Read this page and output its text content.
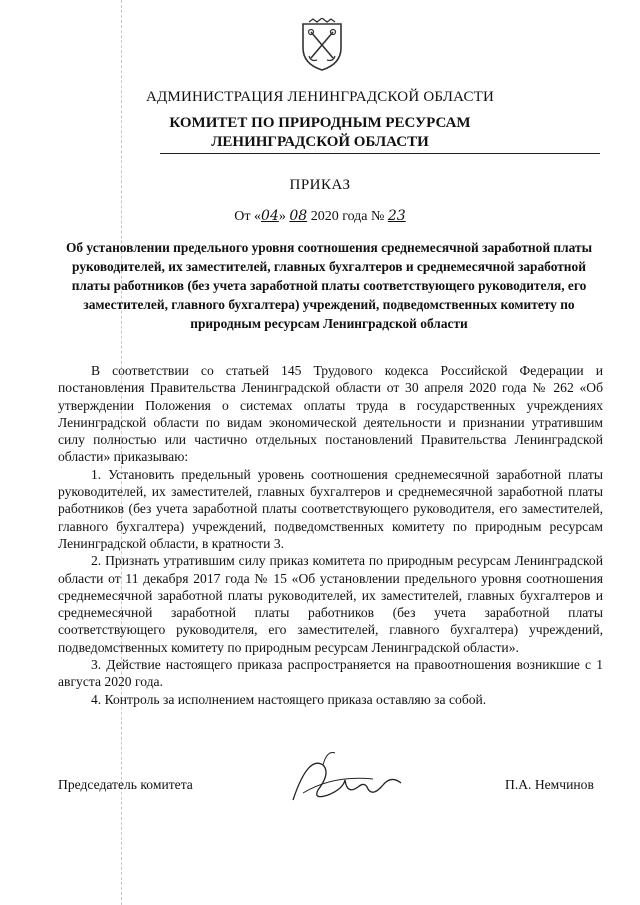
АДМИНИСТРАЦИЯ ЛЕНИНГРАДСКОЙ ОБЛАСТИ
КОМИТЕТ ПО ПРИРОДНЫМ РЕСУРСАМ
ЛЕНИНГРАДСКОЙ ОБЛАСТИ
ПРИКАЗ
От «04» 08 2020 года № 23
Об установлении предельного уровня соотношения среднемесячной заработной платы руководителей, их заместителей, главных бухгалтеров и среднемесячной заработной платы работников (без учета заработной платы соответствующего руководителя, его заместителей, главного бухгалтера) учреждений, подведомственных комитету по природным ресурсам Ленинградской области

В соответствии со статьей 145 Трудового кодекса Российской Федерации и постановления Правительства Ленинградской области от 30 апреля 2020 года № 262 «Об утверждении Положения о системах оплаты труда в государственных учреждениях Ленинградской области по видам экономической деятельности и признании утратившим силу полностью или частично отдельных постановлений Правительства Ленинградской области» приказываю:

1. Установить предельный уровень соотношения среднемесячной заработной платы руководителей, их заместителей, главных бухгалтеров и среднемесячной заработной платы работников (без учета заработной платы соответствующего руководителя, его заместителей, главного бухгалтера) учреждений, подведомственных комитету по природным ресурсам Ленинградской области, в кратности 3.

2. Признать утратившим силу приказ комитета по природным ресурсам Ленинградской области от 11 декабря 2017 года № 15 «Об установлении предельного уровня соотношения среднемесячной заработной платы руководителей, их заместителей, главных бухгалтеров и среднемесячной заработной платы работников (без учета заработной платы соответствующего руководителя, его заместителей, главного бухгалтера) учреждений, подведомственных комитету по природным ресурсам Ленинградской области».

3. Действие настоящего приказа распространяется на правоотношения возникшие с 1 августа 2020 года.

4. Контроль за исполнением настоящего приказа оставляю за собой.

Председатель комитета	П.А. Немчинов
